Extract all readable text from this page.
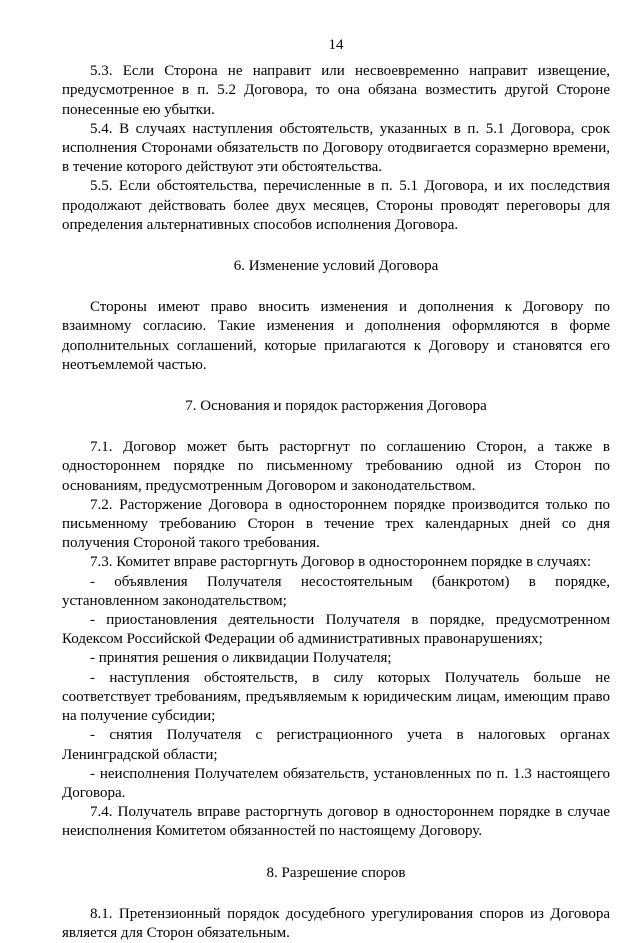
14

5.3. Если Сторона не направит или несвоевременно направит извещение, предусмотренное в п. 5.2 Договора, то она обязана возместить другой Стороне понесенные ею убытки.

5.4. В случаях наступления обстоятельств, указанных в п. 5.1 Договора, срок исполнения Сторонами обязательств по Договору отодвигается соразмерно времени, в течение которого действуют эти обстоятельства.

5.5. Если обстоятельства, перечисленные в п. 5.1 Договора, и их последствия продолжают действовать более двух месяцев, Стороны проводят переговоры для определения альтернативных способов исполнения Договора.

6. Изменение условий Договора

Стороны имеют право вносить изменения и дополнения к Договору по взаимному согласию. Такие изменения и дополнения оформляются в форме дополнительных соглашений, которые прилагаются к Договору и становятся его неотъемлемой частью.

7. Основания и порядок расторжения Договора

7.1. Договор может быть расторгнут по соглашению Сторон, а также в одностороннем порядке по письменному требованию одной из Сторон по основаниям, предусмотренным Договором и законодательством.

7.2. Расторжение Договора в одностороннем порядке производится только по письменному требованию Сторон в течение трех календарных дней со дня получения Стороной такого требования.

7.3. Комитет вправе расторгнуть Договор в одностороннем порядке в случаях:

- объявления Получателя несостоятельным (банкротом) в порядке, установленном законодательством;

- приостановления деятельности Получателя в порядке, предусмотренном Кодексом Российской Федерации об административных правонарушениях;

- принятия решения о ликвидации Получателя;

- наступления обстоятельств, в силу которых Получатель больше не соответствует требованиям, предъявляемым к юридическим лицам, имеющим право на получение субсидии;

- снятия Получателя с регистрационного учета в налоговых органах Ленинградской области;

- неисполнения Получателем обязательств, установленных по п. 1.3 настоящего Договора.

7.4. Получатель вправе расторгнуть договор в одностороннем порядке в случае неисполнения Комитетом обязанностей по настоящему Договору.

8. Разрешение споров

8.1. Претензионный порядок досудебного урегулирования споров из Договора является для Сторон обязательным.
